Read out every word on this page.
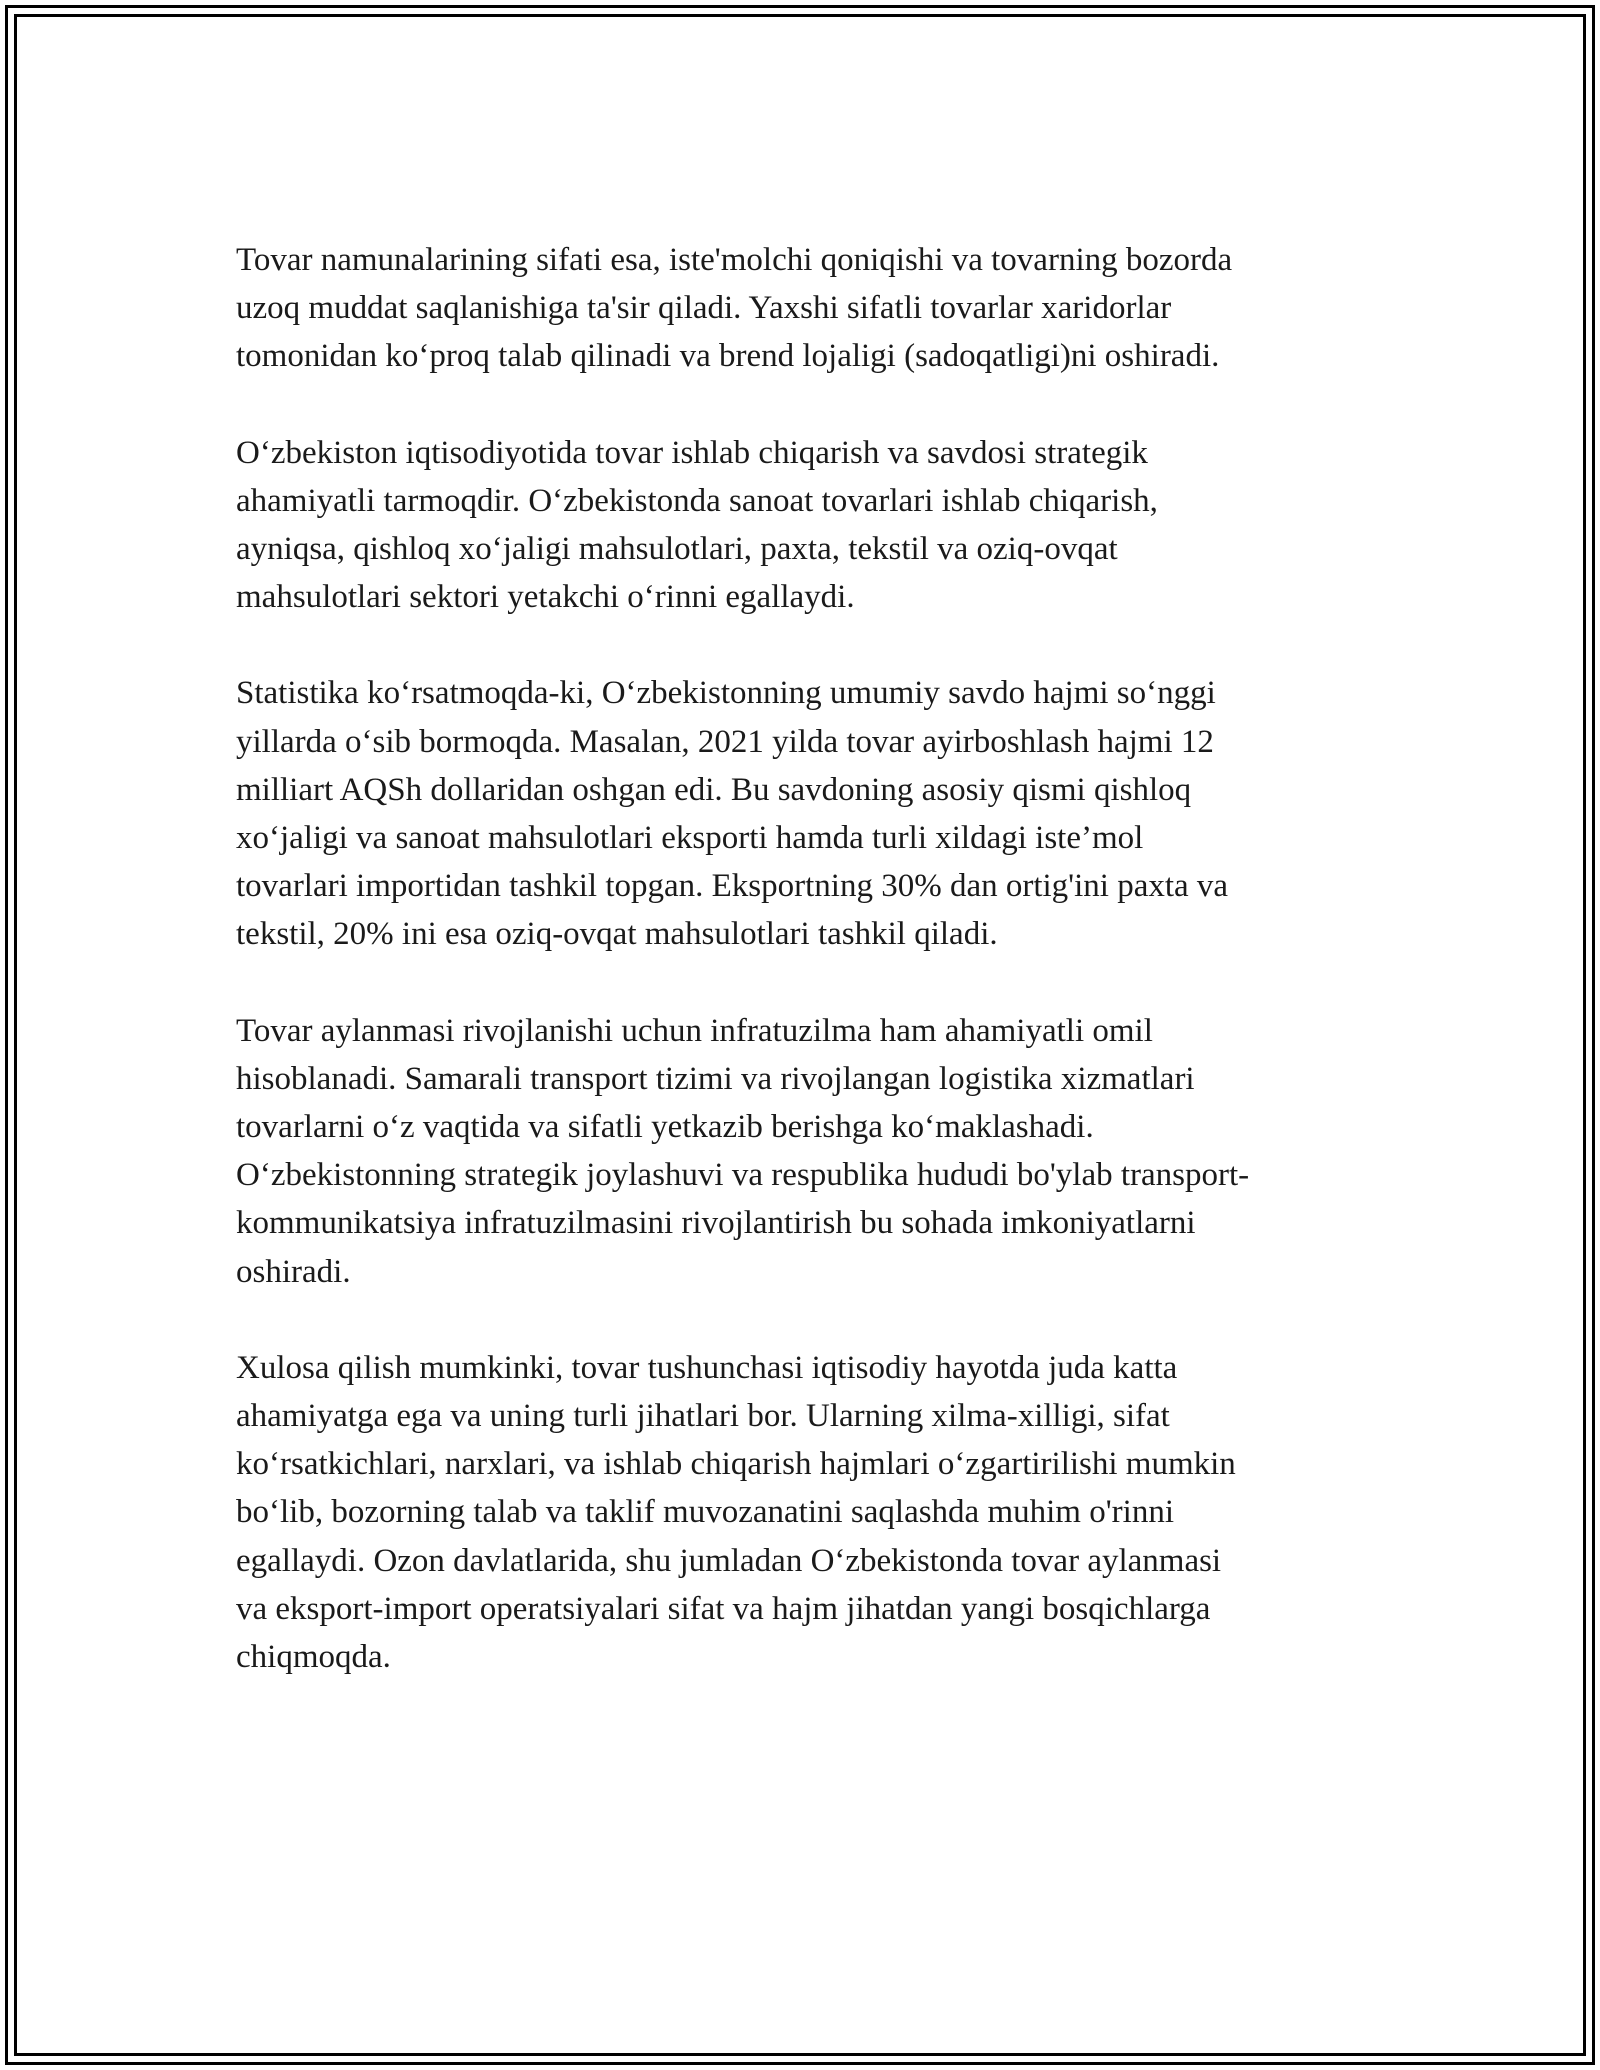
Tovar namunalarining sifati esa, iste'molchi qoniqishi va tovarning bozorda
uzoq muddat saqlanishiga ta'sir qiladi. Yaxshi sifatli tovarlar xaridorlar
tomonidan ko‘proq talab qilinadi va brend lojaligi (sadoqatligi)ni oshiradi.

O‘zbekiston iqtisodiyotida tovar ishlab chiqarish va savdosi strategik
ahamiyatli tarmoqdir. O‘zbekistonda sanoat tovarlari ishlab chiqarish,
ayniqsa, qishloq xo‘jaligi mahsulotlari, paxta, tekstil va oziq-ovqat
mahsulotlari sektori yetakchi o‘rinni egallaydi.

Statistika ko‘rsatmoqda-ki, O‘zbekistonning umumiy savdo hajmi so‘nggi
yillarda o‘sib bormoqda. Masalan, 2021 yilda tovar ayirboshlash hajmi 12
milliart AQSh dollaridan oshgan edi. Bu savdoning asosiy qismi qishloq
xo‘jaligi va sanoat mahsulotlari eksporti hamda turli xildagi iste’mol
tovarlari importidan tashkil topgan. Eksportning 30% dan ortig'ini paxta va
tekstil, 20% ini esa oziq-ovqat mahsulotlari tashkil qiladi.

Tovar aylanmasi rivojlanishi uchun infratuzilma ham ahamiyatli omil
hisoblanadi. Samarali transport tizimi va rivojlangan logistika xizmatlari
tovarlarni o‘z vaqtida va sifatli yetkazib berishga ko‘maklashadi.
O‘zbekistonning strategik joylashuvi va respublika hududi bo'ylab transport-
kommunikatsiya infratuzilmasini rivojlantirish bu sohada imkoniyatlarni
oshiradi.

Xulosa qilish mumkinki, tovar tushunchasi iqtisodiy hayotda juda katta
ahamiyatga ega va uning turli jihatlari bor. Ularning xilma-xilligi, sifat
ko‘rsatkichlari, narxlari, va ishlab chiqarish hajmlari o‘zgartirilishi mumkin
bo‘lib, bozorning talab va taklif muvozanatini saqlashda muhim o'rinni
egallaydi. Ozon davlatlarida, shu jumladan O‘zbekistonda tovar aylanmasi
va eksport-import operatsiyalari sifat va hajm jihatdan yangi bosqichlarga
chiqmoqda.
